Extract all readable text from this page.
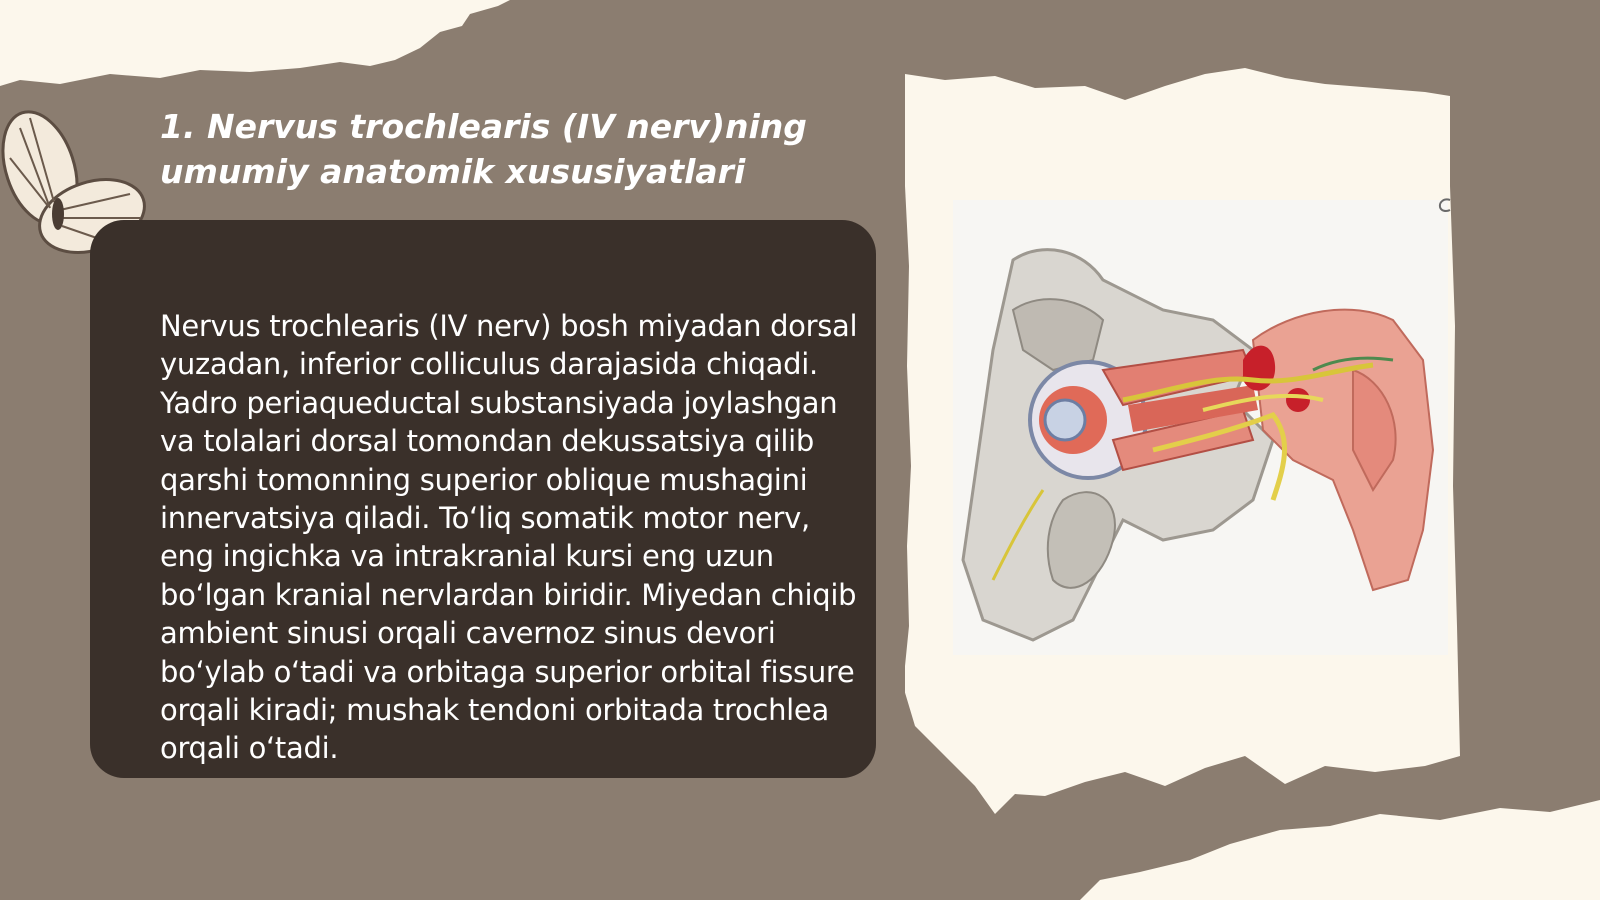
1. Nervus trochlearis (IV nerv)ning
umumiy anatomik xususiyatlari

Nervus trochlearis (IV nerv) bosh miyadan dorsal yuzadan, inferior colliculus darajasida chiqadi. Yadro periaqueductal substansiyada joylashgan va tolalari dorsal tomondan dekussatsiya qilib qarshi tomonning superior oblique mushagini innervatsiya qiladi. To‘liq somatik motor nerv, eng ingichka va intrakranial kursi eng uzun bo‘lgan kranial nervlardan biridir. Miyedan chiqib ambient sinusi orqali cavernoz sinus devori bo‘ylab o‘tadi va orbitaga superior orbital fissure orqali kiradi; mushak tendoni orbitada trochlea orqali o‘tadi.
